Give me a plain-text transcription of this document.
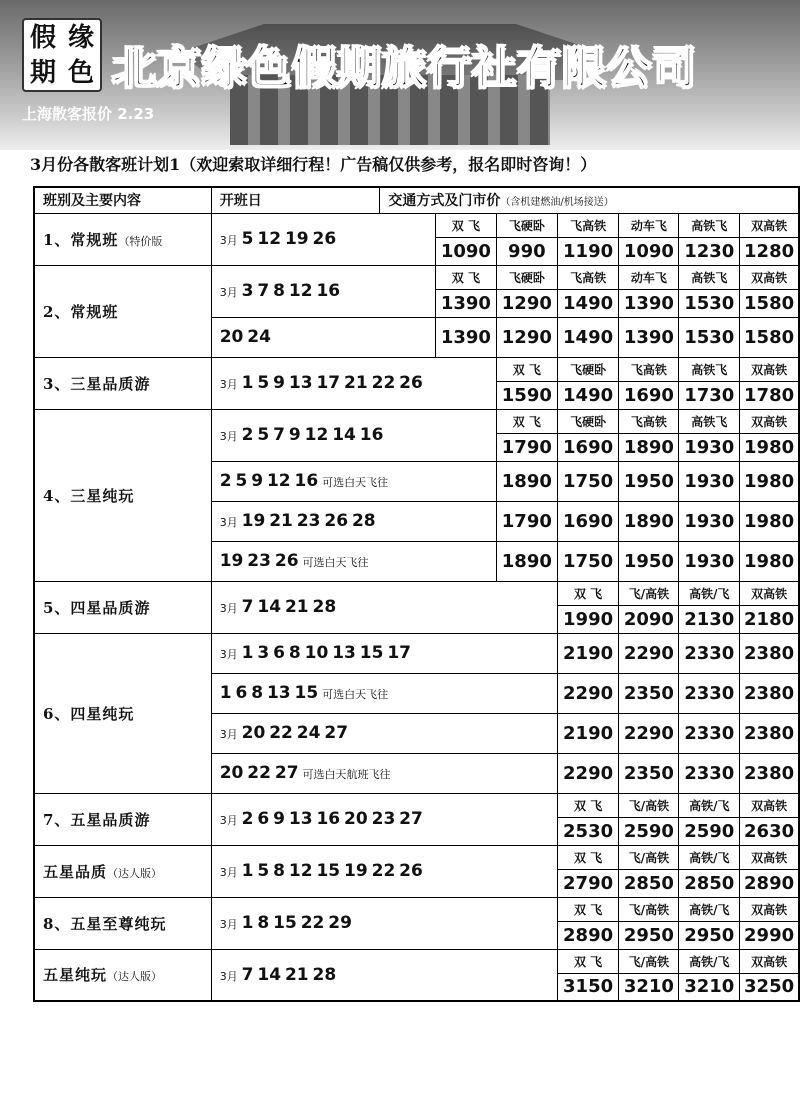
假 缘
期 色 北京绿色假期旅行社有限公司
上海散客报价 2.23
3月份各散客班计划1（欢迎索取详细行程！广告稿仅供参考，报名即时咨询！）
班别及主要内容	开班日	交通方式及门市价（含机建燃油/机场接送）						
1、常规班（特价版	3月 5 12 19 26		双 飞	飞硬卧	飞高铁	动车飞	高铁飞	双高铁
			1090	990	1190	1090	1230	1280
2、常规班	3月 3 7 8 12 16		双 飞	飞硬卧	飞高铁	动车飞	高铁飞	双高铁
			1390	1290	1490	1390	1530	1580
	20 24		1390	1290	1490	1390	1530	1580
3、三星品质游	3月 1 5 9 13 17 21 22 26			双 飞	飞硬卧	飞高铁	高铁飞	双高铁
				1590	1490	1690	1730	1780
4、三星纯玩	3月 2 5 7 9 12 14 16			双 飞	飞硬卧	飞高铁	高铁飞	双高铁
				1790	1690	1890	1930	1980
	2 5 9 12 16 可选白天飞往			1890	1750	1950	1930	1980
	3月 19 21 23 26 28			1790	1690	1890	1930	1980
	19 23 26 可选白天飞往			1890	1750	1950	1930	1980
5、四星品质游	3月 7 14 21 28				双 飞	飞/高铁	高铁/飞	双高铁
					1990	2090	2130	2180
6、四星纯玩	3月 1 3 6 8 10 13 15 17				2190	2290	2330	2380
	1 6 8 13 15 可选白天飞往				2290	2350	2330	2380
	3月 20 22 24 27				2190	2290	2330	2380
	20 22 27 可选白天航班飞往				2290	2350	2330	2380
7、五星品质游	3月 2 6 9 13 16 20 23 27				双 飞	飞/高铁	高铁/飞	双高铁
					2530	2590	2590	2630
五星品质（达人版）	3月 1 5 8 12 15 19 22 26				双 飞	飞/高铁	高铁/飞	双高铁
					2790	2850	2850	2890
8、五星至尊纯玩	3月 1 8 15 22 29				双 飞	飞/高铁	高铁/飞	双高铁
					2890	2950	2950	2990
五星纯玩（达人版）	3月 7 14 21 28				双 飞	飞/高铁	高铁/飞	双高铁
					3150	3210	3210	3250
